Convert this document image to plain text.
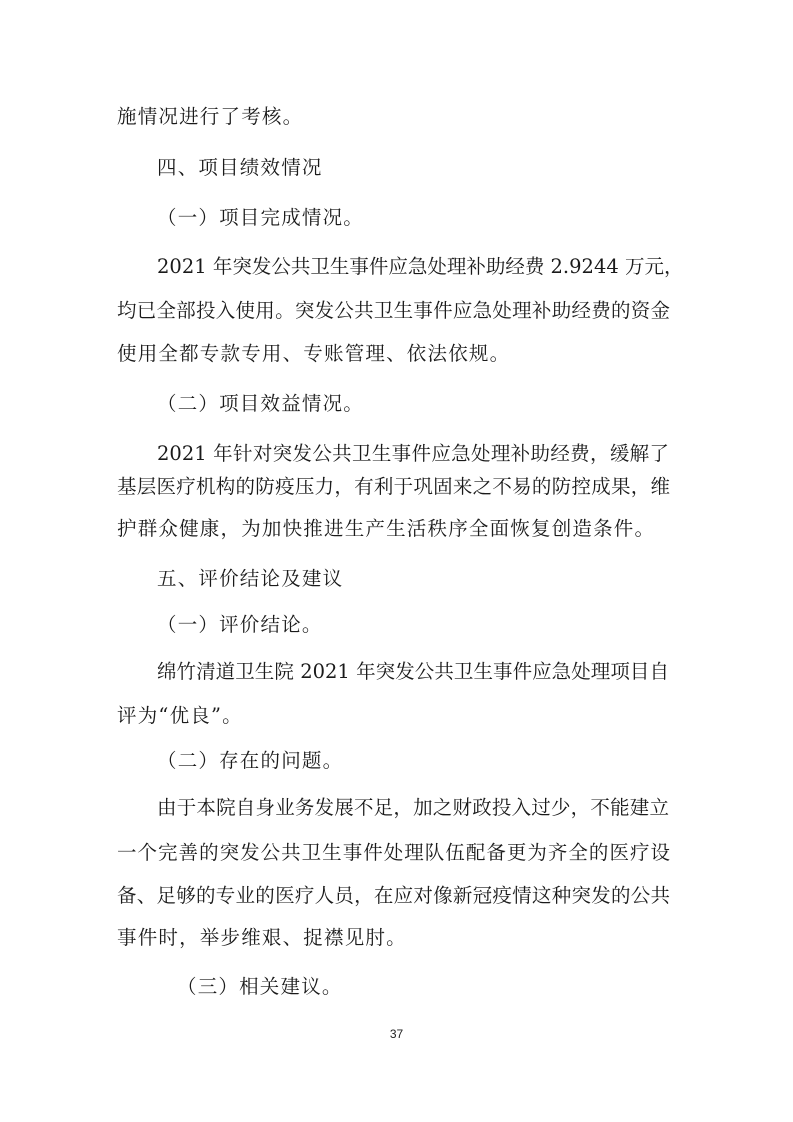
施情况进行了考核。
四、项目绩效情况
（一）项目完成情况。
2021 年突发公共卫生事件应急处理补助经费 2.9244 万元，
均已全部投入使用。突发公共卫生事件应急处理补助经费的资金
使用全都专款专用、专账管理、依法依规。
（二）项目效益情况。
2021 年针对突发公共卫生事件应急处理补助经费，缓解了
基层医疗机构的防疫压力，有利于巩固来之不易的防控成果，维
护群众健康，为加快推进生产生活秩序全面恢复创造条件。
五、评价结论及建议
（一）评价结论。
绵竹清道卫生院 2021 年突发公共卫生事件应急处理项目自
评为“优良”。
（二）存在的问题。
由于本院自身业务发展不足，加之财政投入过少，不能建立
一个完善的突发公共卫生事件处理队伍配备更为齐全的医疗设
备、足够的专业的医疗人员，在应对像新冠疫情这种突发的公共
事件时，举步维艰、捉襟见肘。
（三）相关建议。
37
